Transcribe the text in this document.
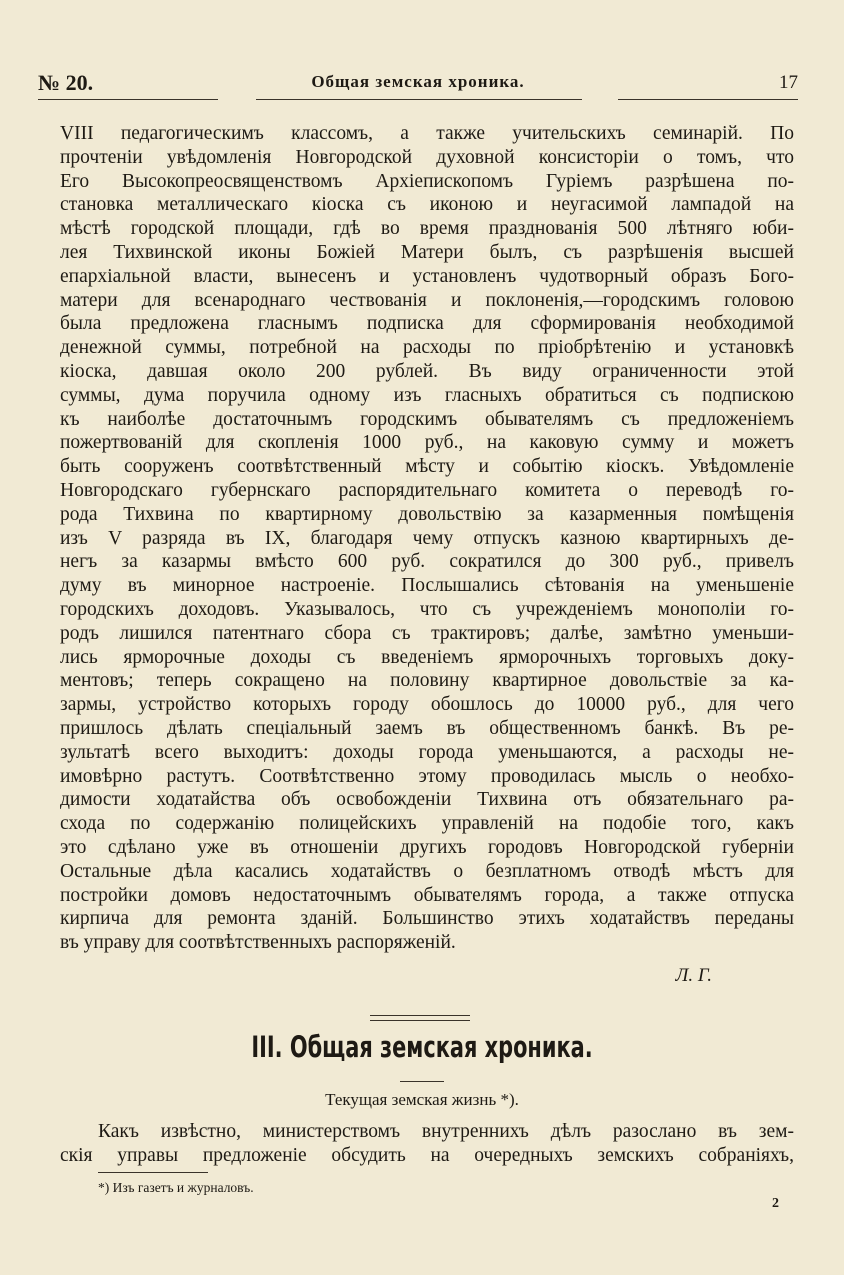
№ 20.	Общая земская хроника.	17
VIII педагогическимъ классомъ, а также учительскихъ семинарій. По
прочтеніи увѣдомленія Новгородской духовной консисторіи о томъ, что
Его Высокопреосвященствомъ Архіепископомъ Гуріемъ разрѣшена по-
становка металлическаго кіоска съ иконою и неугасимой лампадой на
мѣстѣ городской площади, гдѣ во время празднованія 500 лѣтняго юби-
лея Тихвинской иконы Божіей Матери былъ, съ разрѣшенія высшей
епархіальной власти, вынесенъ и установленъ чудотворный образъ Бого-
матери для всенароднаго чествованія и поклоненія,—городскимъ головою
была предложена гласнымъ подписка для сформированія необходимой
денежной суммы, потребной на расходы по пріобрѣтенію и установкѣ
кіоска, давшая около 200 рублей. Въ виду ограниченности этой
суммы, дума поручила одному изъ гласныхъ обратиться съ подпискою
къ наиболѣе достаточнымъ городскимъ обывателямъ съ предложеніемъ
пожертвованій для скопленія 1000 руб., на каковую сумму и можетъ
быть сооруженъ соотвѣтственный мѣсту и событію кіоскъ. Увѣдомленіе
Новгородскаго губернскаго распорядительнаго комитета о переводѣ го-
рода Тихвина по квартирному довольствію за казарменныя помѣщенія
изъ V разряда въ IX, благодаря чему отпускъ казною квартирныхъ де-
негъ за казармы вмѣсто 600 руб. сократился до 300 руб., привелъ
думу въ минорное настроеніе. Послышались сѣтованія на уменьшеніе
городскихъ доходовъ. Указывалось, что съ учрежденіемъ монополіи го-
родъ лишился патентнаго сбора съ трактировъ; далѣе, замѣтно уменьши-
лись ярморочные доходы съ введеніемъ ярморочныхъ торговыхъ доку-
ментовъ; теперь сокращено на половину квартирное довольствіе за ка-
зармы, устройство которыхъ городу обошлось до 10000 руб., для чего
пришлось дѣлать спеціальный заемъ въ общественномъ банкѣ. Въ ре-
зультатѣ всего выходитъ: доходы города уменьшаются, а расходы не-
имовѣрно растутъ. Соотвѣтственно этому проводилась мысль о необхо-
димости ходатайства объ освобожденіи Тихвина отъ обязательнаго ра-
схода по содержанію полицейскихъ управленій на подобіе того, какъ
это сдѣлано уже въ отношеніи другихъ городовъ Новгородской губерніи
Остальные дѣла касались ходатайствъ о безплатномъ отводѣ мѣстъ для
постройки домовъ недостаточнымъ обывателямъ города, а также отпуска
кирпича для ремонта зданій. Большинство этихъ ходатайствъ переданы
въ управу для соотвѣтственныхъ распоряженій.
Л. Г.
III. Общая земская хроника.
Текущая земская жизнь *).
Какъ извѣстно, министерствомъ внутреннихъ дѣлъ разослано въ зем-
скія управы предложеніе обсудить на очередныхъ земскихъ собраніяхъ,
*) Изъ газетъ и журналовъ.
2
